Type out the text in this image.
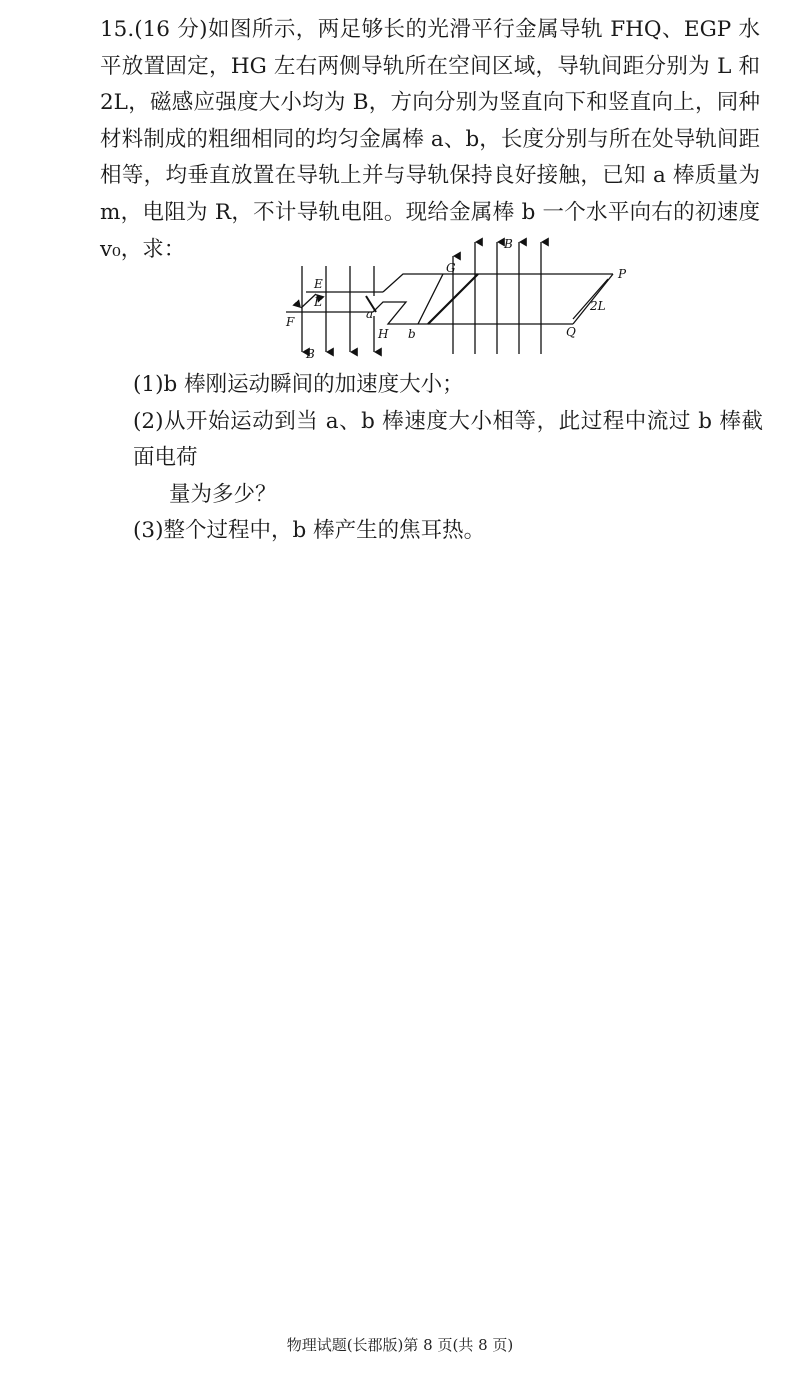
15.(16 分)如图所示，两足够长的光滑平行金属导轨 FHQ、EGP 水平放置固定，HG 左右两侧导轨所在空间区域，导轨间距分别为 L 和 2L，磁感应强度大小均为 B，方向分别为竖直向下和竖直向上，同种材料制成的粗细相同的均匀金属棒 a、b，长度分别与所在处导轨间距相等，均垂直放置在导轨上并与导轨保持良好接触，已知 a 棒质量为 m，电阻为 R，不计导轨电阻。现给金属棒 b 一个水平向右的初速度 v₀，求：
E
L
F
B
a
H b
G
B
P
Q
2L
(1)b 棒刚运动瞬间的加速度大小；
(2)从开始运动到当 a、b 棒速度大小相等，此过程中流过 b 棒截面电荷
量为多少？
(3)整个过程中，b 棒产生的焦耳热。
物理试题(长郡版)第 8 页(共 8 页)
